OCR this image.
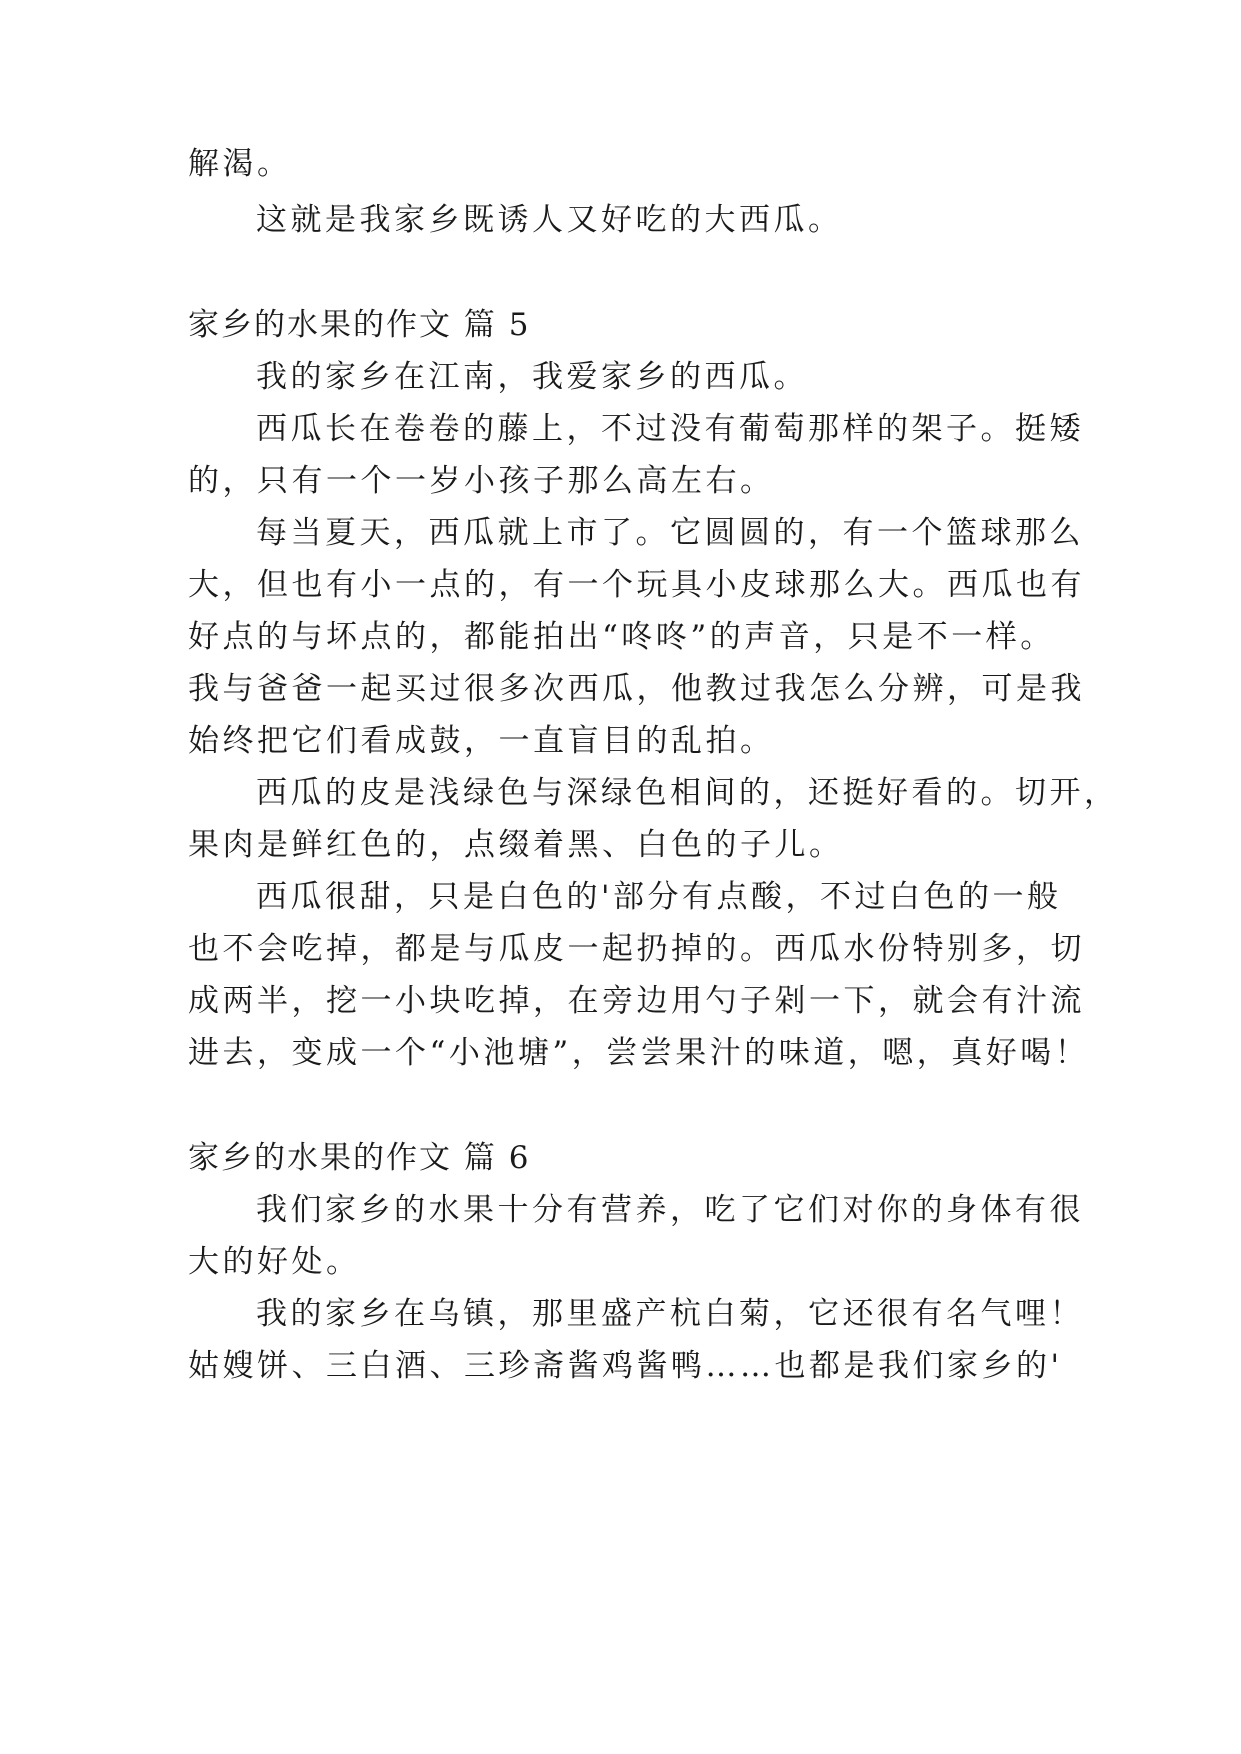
解渴。
这就是我家乡既诱人又好吃的大西瓜。
家乡的水果的作文 篇 5
我的家乡在江南，我爱家乡的西瓜。
西瓜长在卷卷的藤上，不过没有葡萄那样的架子。挺矮
的，只有一个一岁小孩子那么高左右。
每当夏天，西瓜就上市了。它圆圆的，有一个篮球那么
大，但也有小一点的，有一个玩具小皮球那么大。西瓜也有
好点的与坏点的，都能拍出“咚咚”的声音，只是不一样。
我与爸爸一起买过很多次西瓜，他教过我怎么分辨，可是我
始终把它们看成鼓，一直盲目的乱拍。
西瓜的皮是浅绿色与深绿色相间的，还挺好看的。切开，
果肉是鲜红色的，点缀着黑、白色的子儿。
西瓜很甜，只是白色的'部分有点酸，不过白色的一般
也不会吃掉，都是与瓜皮一起扔掉的。西瓜水份特别多，切
成两半，挖一小块吃掉，在旁边用勺子剁一下，就会有汁流
进去，变成一个“小池塘”，尝尝果汁的味道，嗯，真好喝！
家乡的水果的作文 篇 6
我们家乡的水果十分有营养，吃了它们对你的身体有很
大的好处。
我的家乡在乌镇，那里盛产杭白菊，它还很有名气哩！
姑嫂饼、三白酒、三珍斋酱鸡酱鸭……也都是我们家乡的'
